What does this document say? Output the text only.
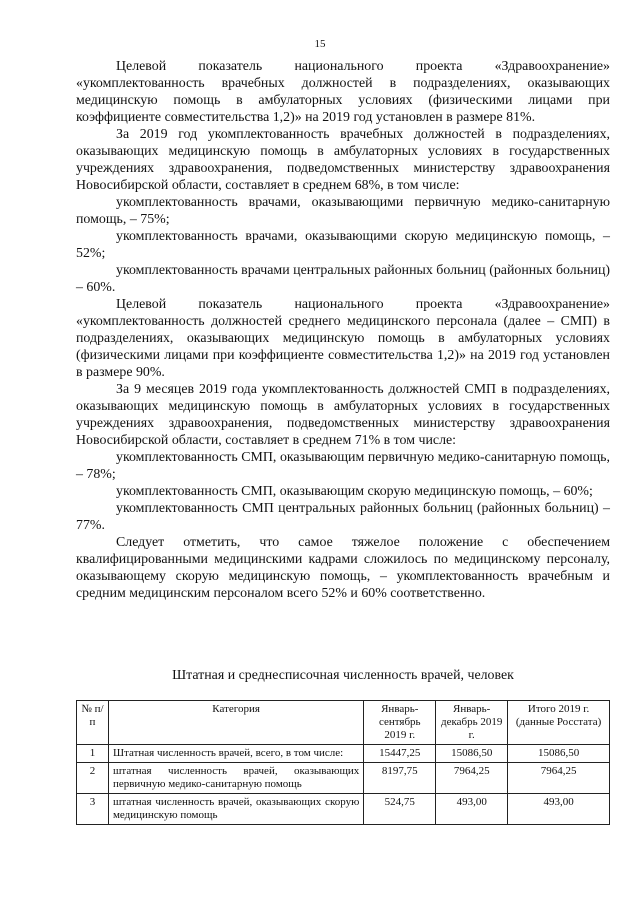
15

Целевой показатель национального проекта «Здравоохранение» «укомплектованность врачебных должностей в подразделениях, оказывающих медицинскую помощь в амбулаторных условиях (физическими лицами при коэффициенте совместительства 1,2)» на 2019 год установлен в размере 81%.

За 2019 год укомплектованность врачебных должностей в подразделениях, оказывающих медицинскую помощь в амбулаторных условиях в государственных учреждениях здравоохранения, подведомственных министерству здравоохранения Новосибирской области, составляет в среднем 68%, в том числе:

укомплектованность врачами, оказывающими первичную медико-санитарную помощь, – 75%;

укомплектованность врачами, оказывающими скорую медицинскую помощь, – 52%;

укомплектованность врачами центральных районных больниц (районных больниц) – 60%.

Целевой показатель национального проекта «Здравоохранение» «укомплектованность должностей среднего медицинского персонала (далее – СМП) в подразделениях, оказывающих медицинскую помощь в амбулаторных условиях (физическими лицами при коэффициенте совместительства 1,2)» на 2019 год установлен в размере 90%.

За 9 месяцев 2019 года укомплектованность должностей СМП в подразделениях, оказывающих медицинскую помощь в амбулаторных условиях в государственных учреждениях здравоохранения, подведомственных министерству здравоохранения Новосибирской области, составляет в среднем 71% в том числе:

укомплектованность СМП, оказывающим первичную медико-санитарную помощь, – 78%;

укомплектованность СМП, оказывающим скорую медицинскую помощь, – 60%;

укомплектованность СМП центральных районных больниц (районных больниц) – 77%.

Следует отметить, что самое тяжелое положение с обеспечением квалифицированными медицинскими кадрами сложилось по медицинскому персоналу, оказывающему скорую медицинскую помощь, – укомплектованность врачебным и средним медицинским персоналом всего 52% и 60% соответственно.

Штатная и среднесписочная численность врачей, человек
№ п/п	Категория	Январь-сентябрь 2019 г.	Январь-декабрь 2019 г.	Итого 2019 г. (данные Росстата)
1	Штатная численность врачей, всего, в том числе:	15447,25	15086,50	15086,50
2	штатная численность врачей, оказывающих первичную медико-санитарную помощь	8197,75	7964,25	7964,25
3	штатная численность врачей, оказывающих скорую медицинскую помощь	524,75	493,00	493,00
